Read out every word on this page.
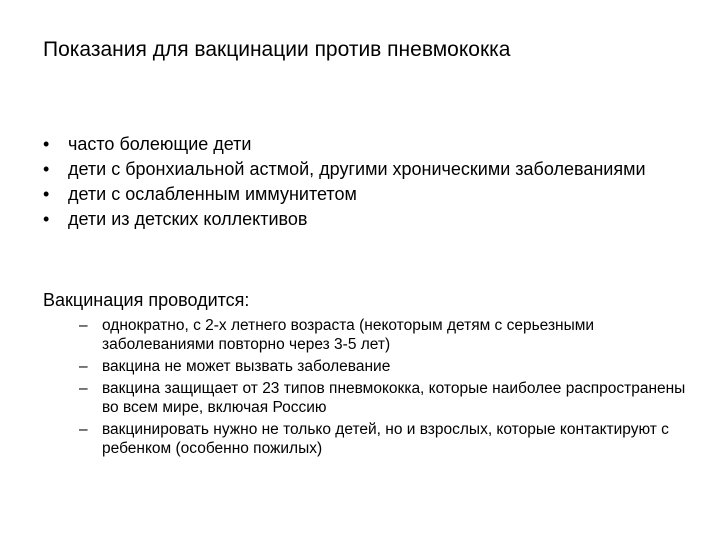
Показания для вакцинации против пневмококка
• часто болеющие дети
• дети с бронхиальной астмой, другими хроническими заболеваниями
• дети с ослабленным иммунитетом
• дети из детских коллективов
Вакцинация проводится:
– однократно, с 2-х летнего возраста (некоторым детям с серьезными заболеваниями повторно через 3-5 лет)
– вакцина не может вызвать заболевание
– вакцина защищает от 23 типов пневмококка, которые наиболее распространены во всем мире, включая Россию
– вакцинировать нужно не только детей, но и взрослых, которые контактируют с ребенком (особенно пожилых)
